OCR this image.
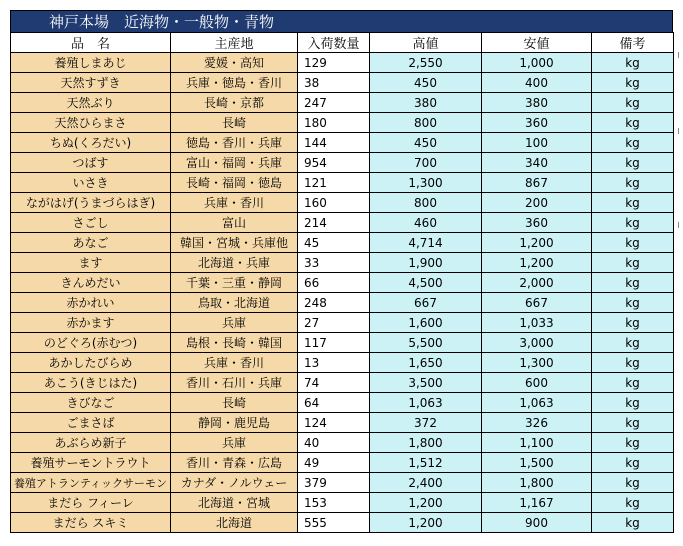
神戸本場　近海物・一般物・青物
品　名	主産地	入荷数量	高値	安値	備考
養殖しまあじ	愛媛・高知	129	2,550	1,000	kg
天然すずき	兵庫・徳島・香川	38	450	400	kg
天然ぶり	長崎・京都	247	380	380	kg
天然ひらまさ	長崎	180	800	360	kg
ちぬ(くろだい)	徳島・香川・兵庫	144	450	100	kg
つばす	富山・福岡・兵庫	954	700	340	kg
いさき	長崎・福岡・徳島	121	1,300	867	kg
ながはげ(うまづらはぎ)	兵庫・香川	160	800	200	kg
さごし	富山	214	460	360	kg
あなご	韓国・宮城・兵庫他	45	4,714	1,200	kg
ます	北海道・兵庫	33	1,900	1,200	kg
きんめだい	千葉・三重・静岡	66	4,500	2,000	kg
赤かれい	鳥取・北海道	248	667	667	kg
赤かます	兵庫	27	1,600	1,033	kg
のどぐろ(赤むつ)	島根・長崎・韓国	117	5,500	3,000	kg
あかしたびらめ	兵庫・香川	13	1,650	1,300	kg
あこう(きじはた)	香川・石川・兵庫	74	3,500	600	kg
きびなご	長崎	64	1,063	1,063	kg
ごまさば	静岡・鹿児島	124	372	326	kg
あぶらめ新子	兵庫	40	1,800	1,100	kg
養殖サーモントラウト	香川・青森・広島	49	1,512	1,500	kg
養殖アトランティックサーモン	カナダ・ノルウェー	379	2,400	1,800	kg
まだら フィーレ	北海道・宮城	153	1,200	1,167	kg
まだら スキミ	北海道	555	1,200	900	kg
